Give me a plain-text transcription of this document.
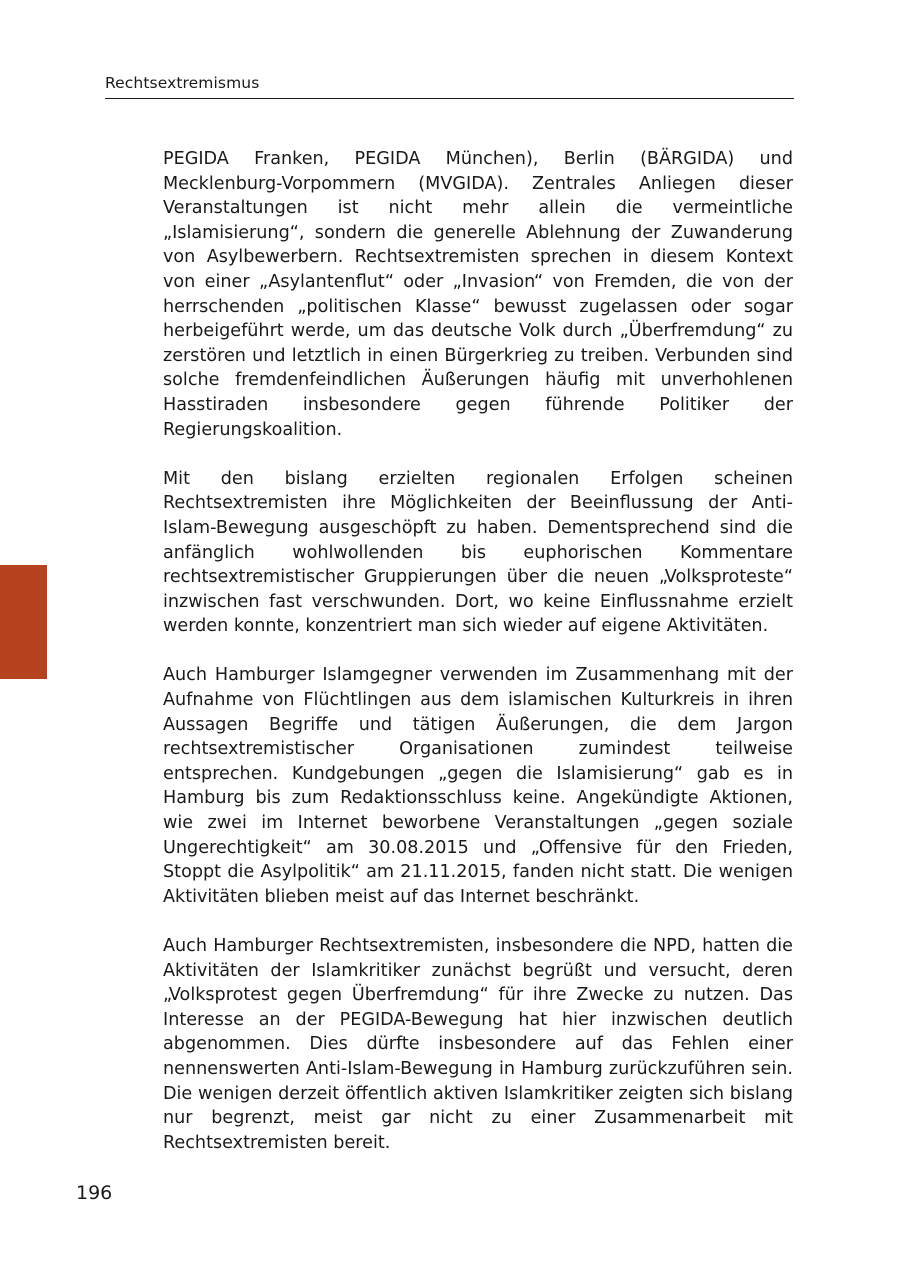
Rechtsextremismus

PEGIDA Franken, PEGIDA München), Berlin (BÄRGIDA) und Mecklenburg-Vorpommern (MVGIDA). Zentrales Anliegen dieser Veranstaltungen ist nicht mehr allein die vermeintliche „Islamisierung“, sondern die generelle Ablehnung der Zuwanderung von Asylbewerbern. Rechtsextremisten sprechen in diesem Kontext von einer „Asylantenflut“ oder „Invasion“ von Fremden, die von der herrschenden „politischen Klasse“ bewusst zugelassen oder sogar herbeigeführt werde, um das deutsche Volk durch „Überfremdung“ zu zerstören und letztlich in einen Bürgerkrieg zu treiben. Verbunden sind solche fremdenfeindlichen Äußerungen häufig mit unverhohlenen Hasstiraden insbesondere gegen führende Politiker der Regierungskoalition.

Mit den bislang erzielten regionalen Erfolgen scheinen Rechtsextremisten ihre Möglichkeiten der Beeinflussung der Anti-Islam-Bewegung ausgeschöpft zu haben. Dementsprechend sind die anfänglich wohlwollenden bis euphorischen Kommentare rechtsextremistischer Gruppierungen über die neuen „Volksproteste“ inzwischen fast verschwunden. Dort, wo keine Einflussnahme erzielt werden konnte, konzentriert man sich wieder auf eigene Aktivitäten.

Auch Hamburger Islamgegner verwenden im Zusammenhang mit der Aufnahme von Flüchtlingen aus dem islamischen Kulturkreis in ihren Aussagen Begriffe und tätigen Äußerungen, die dem Jargon rechtsextremistischer Organisationen zumindest teilweise entsprechen. Kundgebungen „gegen die Islamisierung“ gab es in Hamburg bis zum Redaktionsschluss keine. Angekündigte Aktionen, wie zwei im Internet beworbene Veranstaltungen „gegen soziale Ungerechtigkeit“ am 30.08.2015 und „Offensive für den Frieden, Stoppt die Asylpolitik“ am 21.11.2015, fanden nicht statt. Die wenigen Aktivitäten blieben meist auf das Internet beschränkt.

Auch Hamburger Rechtsextremisten, insbesondere die NPD, hatten die Aktivitäten der Islamkritiker zunächst begrüßt und versucht, deren „Volksprotest gegen Überfremdung“ für ihre Zwecke zu nutzen. Das Interesse an der PEGIDA-Bewegung hat hier inzwischen deutlich abgenommen. Dies dürfte insbesondere auf das Fehlen einer nennenswerten Anti-Islam-Bewegung in Hamburg zurückzuführen sein. Die wenigen derzeit öffentlich aktiven Islamkritiker zeigten sich bislang nur begrenzt, meist gar nicht zu einer Zusammenarbeit mit Rechtsextremisten bereit.

196
